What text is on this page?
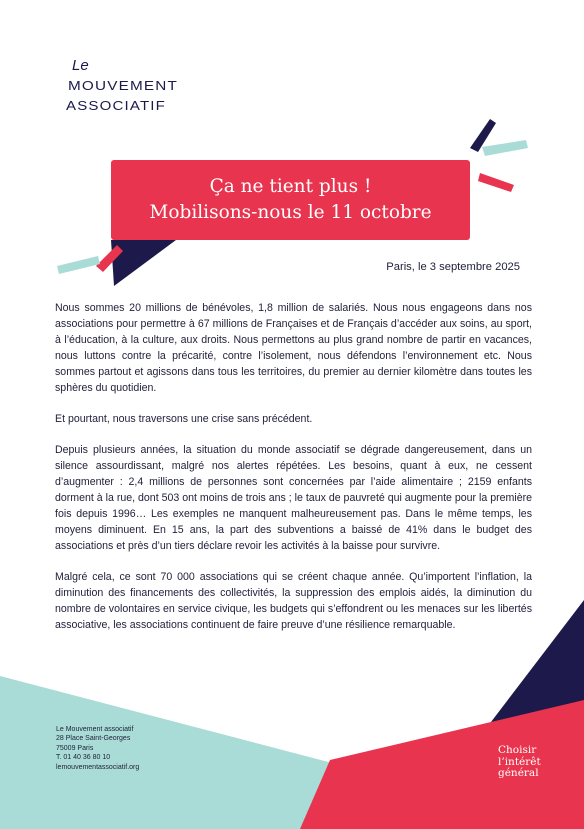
Le
MOUVEMENT
ASSOCIATIF
Ça ne tient plus !
Mobilisons-nous le 11 octobre
Paris, le 3 septembre 2025

Nous sommes 20 millions de bénévoles, 1,8 million de salariés. Nous nous engageons dans nos associations pour permettre à 67 millions de Françaises et de Français d’accéder aux soins, au sport, à l’éducation, à la culture, aux droits. Nous permettons au plus grand nombre de partir en vacances, nous luttons contre la précarité, contre l’isolement, nous défendons l’environnement etc. Nous sommes partout et agissons dans tous les territoires, du premier au dernier kilomètre dans toutes les sphères du quotidien.

Et pourtant, nous traversons une crise sans précédent.

Depuis plusieurs années, la situation du monde associatif se dégrade dangereusement, dans un silence assourdissant, malgré nos alertes répétées. Les besoins, quant à eux, ne cessent d’augmenter : 2,4 millions de personnes sont concernées par l’aide alimentaire ; 2159 enfants dorment à la rue, dont 503 ont moins de trois ans ; le taux de pauvreté qui augmente pour la première fois depuis 1996… Les exemples ne manquent malheureusement pas. Dans le même temps, les moyens diminuent. En 15 ans, la part des subventions a baissé de 41% dans le budget des associations et près d’un tiers déclare revoir les activités à la baisse pour survivre.

Malgré cela, ce sont 70 000 associations qui se créent chaque année. Qu’importent l’inflation, la diminution des financements des collectivités, la suppression des emplois aidés, la diminution du nombre de volontaires en service civique, les budgets qui s’effondrent ou les menaces sur les libertés associative, les associations continuent de faire preuve d’une résilience remarquable.

Le Mouvement associatif
28 Place Saint-Georges
75009 Paris
T. 01 40 36 80 10
lemouvementassociatif.org
Choisir
l’intérêt
général
